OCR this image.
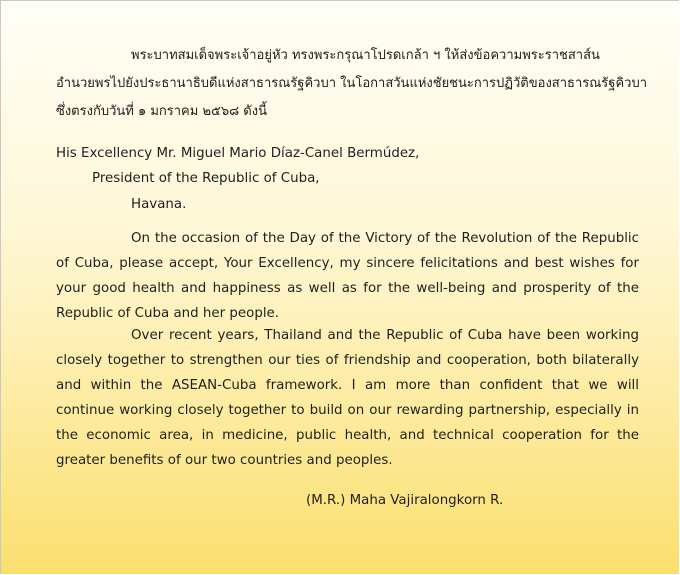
พระบาทสมเด็จพระเจ้าอยู่หัว ทรงพระกรุณาโปรดเกล้า ฯ ให้ส่งข้อความพระราชสาส์น

อำนวยพรไปยังประธานาธิบดีแห่งสาธารณรัฐคิวบา ในโอกาสวันแห่งชัยชนะการปฏิวัติของสาธารณรัฐคิวบา

ซึ่งตรงกับวันที่ ๑ มกราคม ๒๕๖๘ ดังนี้

His Excellency Mr. Miguel Mario Díaz-Canel Bermúdez,

President of the Republic of Cuba,

Havana.

On the occasion of the Day of the Victory of the Revolution of the Republic of Cuba, please accept, Your Excellency, my sincere felicitations and best wishes for your good health and happiness as well as for the well-being and prosperity of the Republic of Cuba and her people.

Over recent years, Thailand and the Republic of Cuba have been working closely together to strengthen our ties of friendship and cooperation, both bilaterally and within the ASEAN-Cuba framework. I am more than confident that we will continue working closely together to build on our rewarding partnership, especially in the economic area, in medicine, public health, and technical cooperation for the greater benefits of our two countries and peoples.

(M.R.) Maha Vajiralongkorn R.
